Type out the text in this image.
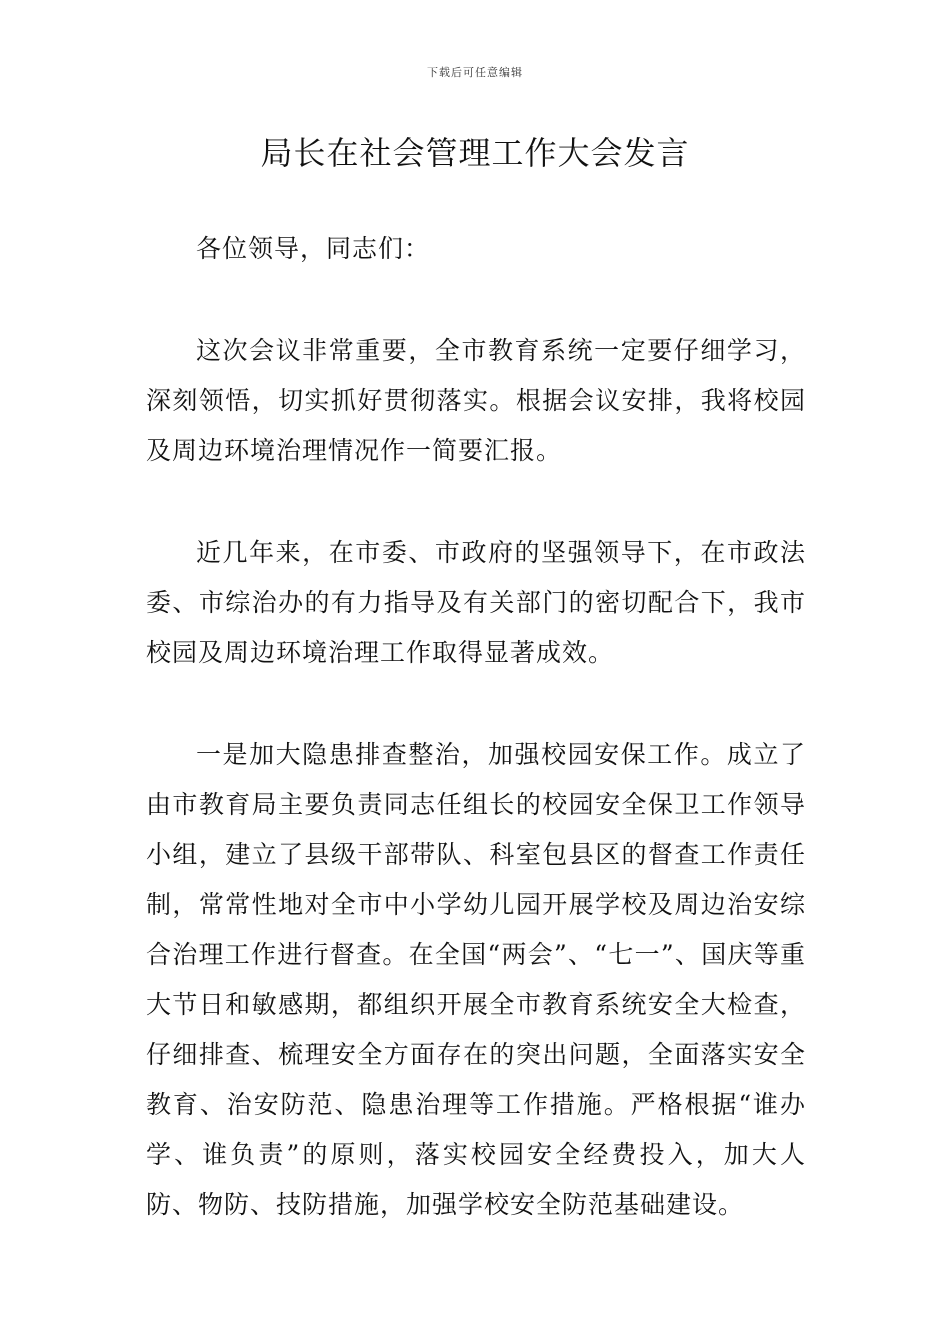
下载后可任意编辑
局长在社会管理工作大会发言

各位领导，同志们：

这次会议非常重要，全市教育系统一定要仔细学习，深刻领悟，切实抓好贯彻落实。根据会议安排，我将校园及周边环境治理情况作一简要汇报。

近几年来，在市委、市政府的坚强领导下，在市政法委、市综治办的有力指导及有关部门的密切配合下，我市校园及周边环境治理工作取得显著成效。

一是加大隐患排查整治，加强校园安保工作。成立了由市教育局主要负责同志任组长的校园安全保卫工作领导小组，建立了县级干部带队、科室包县区的督查工作责任制，常常性地对全市中小学幼儿园开展学校及周边治安综合治理工作进行督查。在全国“两会”、“七一”、国庆等重大节日和敏感期，都组织开展全市教育系统安全大检查，仔细排查、梳理安全方面存在的突出问题，全面落实安全教育、治安防范、隐患治理等工作措施。严格根据“谁办学、谁负责”的原则，落实校园安全经费投入，加大人防、物防、技防措施，加强学校安全防范基础建设。
